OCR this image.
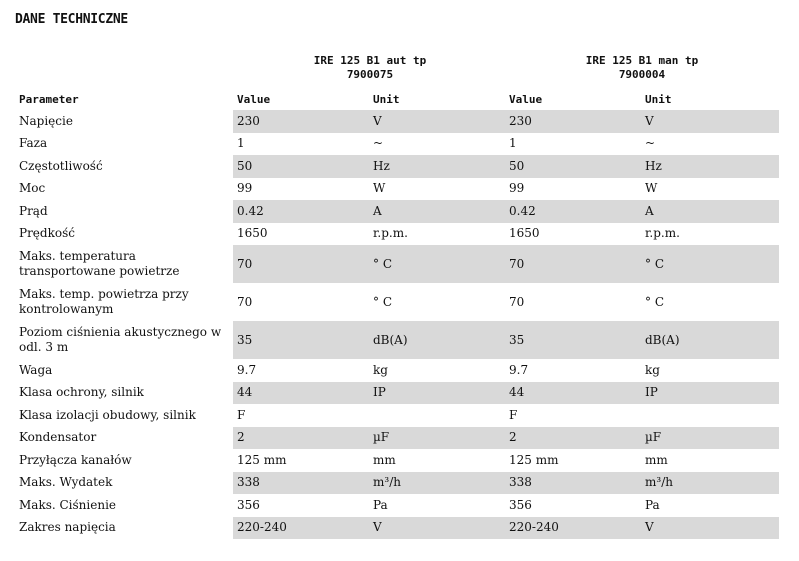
DANE TECHNICZNE
IRE 125 B1 aut tp
7900075
IRE 125 B1 man tp
7900004
Parameter	Value	Unit	Value	Unit
Napięcie	230	V	230	V
Faza	1	~	1	~
Częstotliwość	50	Hz	50	Hz
Moc	99	W	99	W
Prąd	0.42	A	0.42	A
Prędkość	1650	r.p.m.	1650	r.p.m.
Maks. temperatura transportowane powietrze	70	° C	70	° C
Maks. temp. powietrza przy kontrolowanym	70	° C	70	° C
Poziom ciśnienia akustycznego w odl. 3 m	35	dB(A)	35	dB(A)
Waga	9.7	kg	9.7	kg
Klasa ochrony, silnik	44	IP	44	IP
Klasa izolacji obudowy, silnik	F		F	
Kondensator	2	µF	2	µF
Przyłącza kanałów	125 mm	mm	125 mm	mm
Maks. Wydatek	338	m³/h	338	m³/h
Maks. Ciśnienie	356	Pa	356	Pa
Zakres napięcia	220-240	V	220-240	V
